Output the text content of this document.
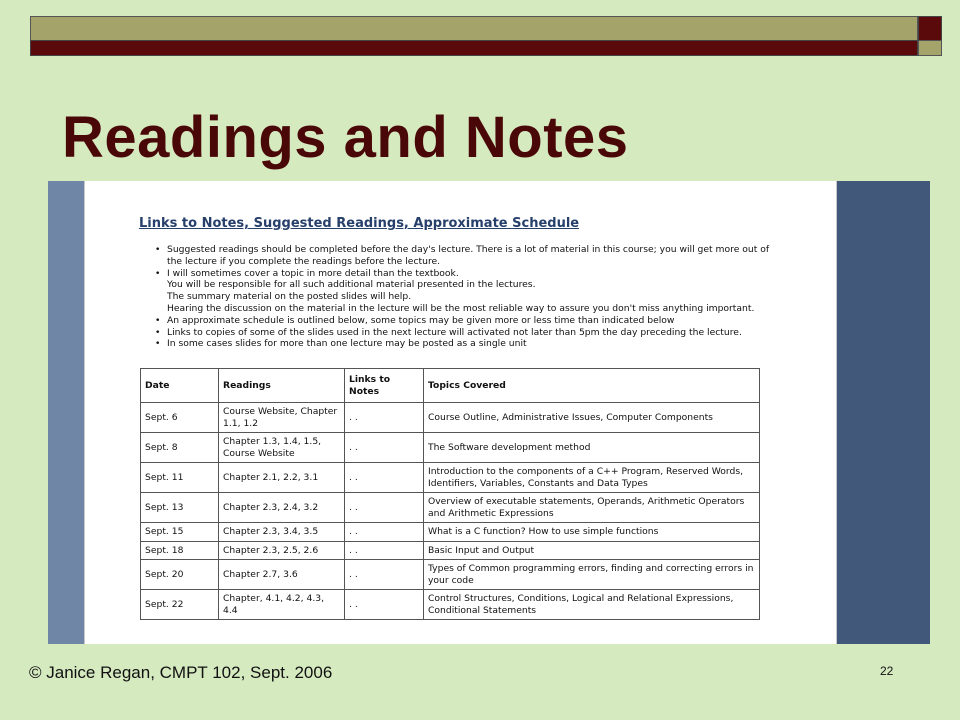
Readings and Notes
Links to Notes, Suggested Readings, Approximate Schedule
• Suggested readings should be completed before the day's lecture. There is a lot of material in this course; you will get more out of
the lecture if you complete the readings before the lecture.
• I will sometimes cover a topic in more detail than the textbook.
You will be responsible for all such additional material presented in the lectures.
The summary material on the posted slides will help.
Hearing the discussion on the material in the lecture will be the most reliable way to assure you don't miss anything important.
• An approximate schedule is outlined below, some topics may be given more or less time than indicated below
• Links to copies of some of the slides used in the next lecture will activated not later than 5pm the day preceding the lecture.
• In some cases slides for more than one lecture may be posted as a single unit
Date	Readings	Links to Notes	Topics Covered
Sept. 6	Course Website, Chapter 1.1, 1.2	. .	Course Outline, Administrative Issues, Computer Components
Sept. 8	Chapter 1.3, 1.4, 1.5, Course Website	. .	The Software development method
Sept. 11	Chapter 2.1, 2.2, 3.1	. .	Introduction to the components of a C++ Program, Reserved Words, Identifiers, Variables, Constants and Data Types
Sept. 13	Chapter 2.3, 2.4, 3.2	. .	Overview of executable statements, Operands, Arithmetic Operators and Arithmetic Expressions
Sept. 15	Chapter 2.3, 3.4, 3.5	. .	What is a C function? How to use simple functions
Sept. 18	Chapter 2.3, 2.5, 2.6	. .	Basic Input and Output
Sept. 20	Chapter 2.7, 3.6	. .	Types of Common programming errors, finding and correcting errors in your code
Sept. 22	Chapter, 4.1, 4.2, 4.3, 4.4	. .	Control Structures, Conditions, Logical and Relational Expressions, Conditional Statements
© Janice Regan, CMPT 102, Sept. 2006	22
